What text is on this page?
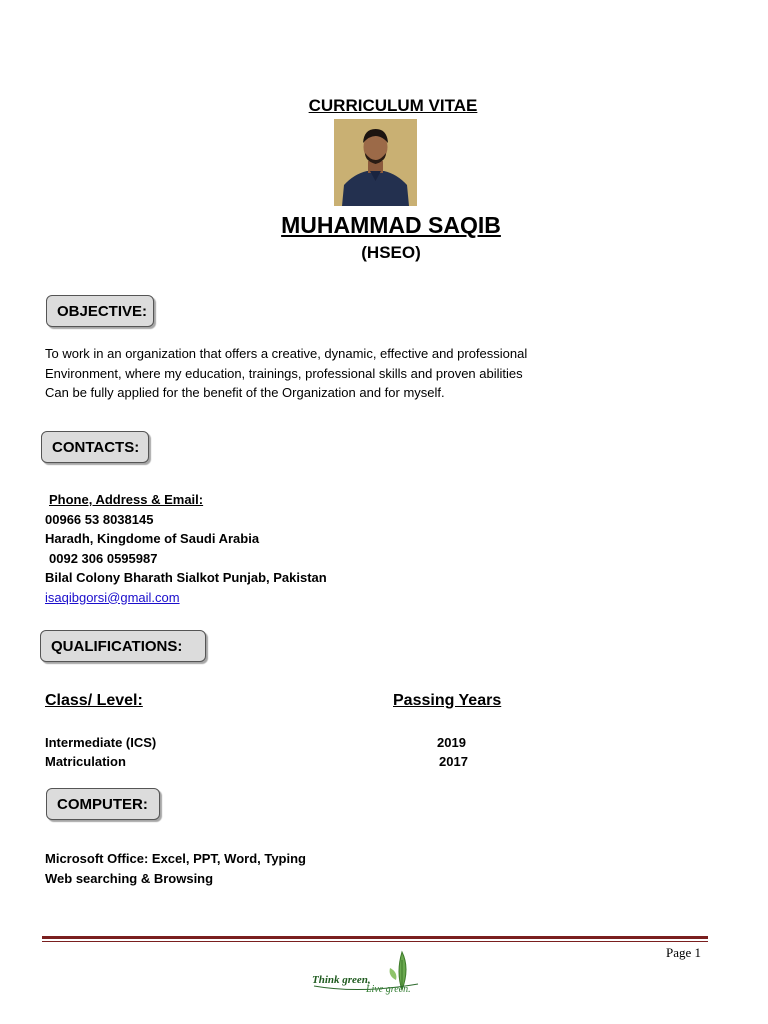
CURRICULUM VITAE
MUHAMMAD SAQIB
(HSEO)
OBJECTIVE:
To work in an organization that offers a creative, dynamic, effective and professional
Environment, where my education, trainings, professional skills and proven abilities
Can be fully applied for the benefit of the Organization and for myself.
CONTACTS:
Phone, Address & Email:
00966 53 8038145
Haradh, Kingdome of Saudi Arabia
0092 306 0595987
Bilal Colony Bharath Sialkot Punjab, Pakistan
isaqibgorsi@gmail.com
QUALIFICATIONS:
Class/ Level:	Passing Years
Intermediate (ICS)	2019
Matriculation	2017
COMPUTER:
Microsoft Office: Excel, PPT, Word, Typing
Web searching & Browsing
Page 1
Think green,
Live green.
